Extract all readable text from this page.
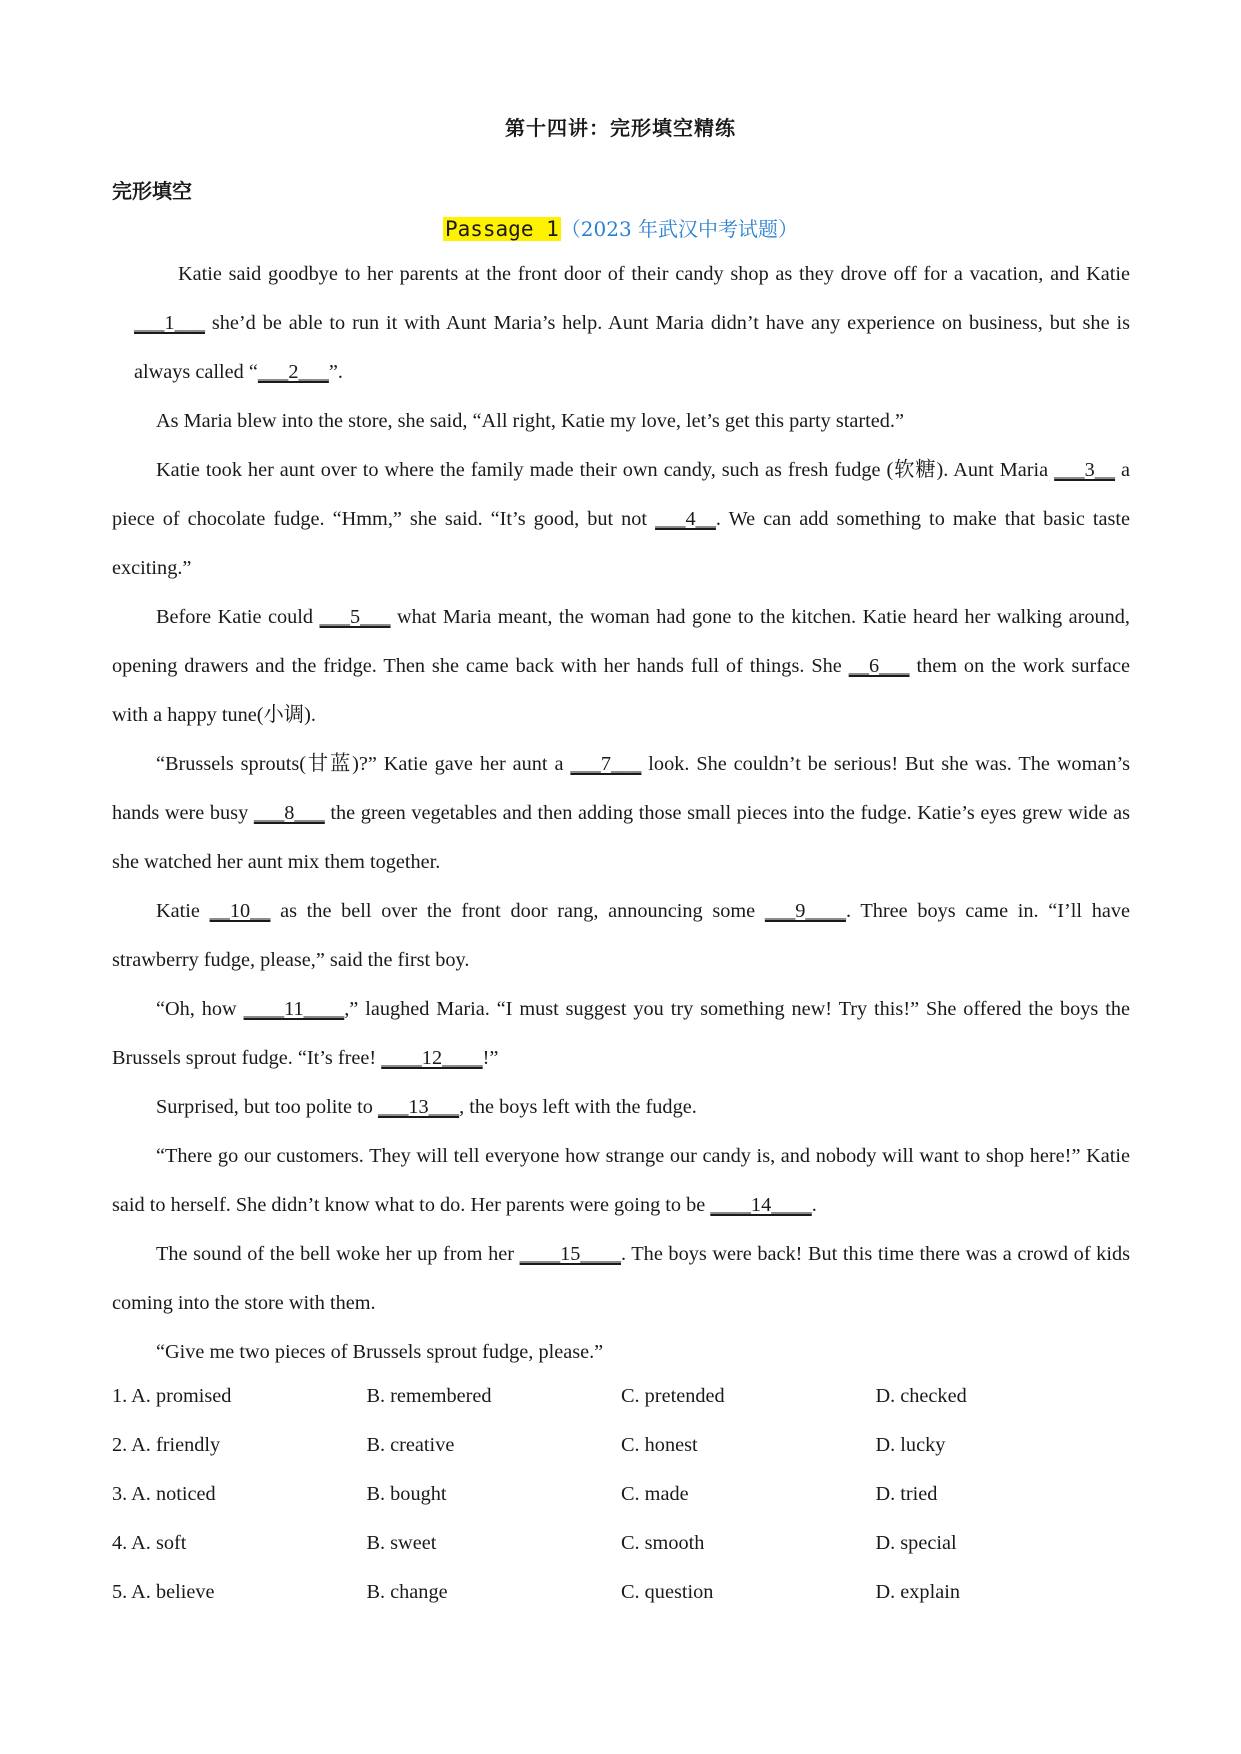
第十四讲：完形填空精练
完形填空
Passage 1 （2023 年武汉中考试题）

Katie said goodbye to her parents at the front door of their candy shop as they drove off for a vacation, and Katie ___1___ she’d be able to run it with Aunt Maria’s help. Aunt Maria didn’t have any experience on business, but she is always called “___2___”.

As Maria blew into the store, she said, “All right, Katie my love, let’s get this party started.”

Katie took her aunt over to where the family made their own candy, such as fresh fudge (软糖). Aunt Maria ___3__ a piece of chocolate fudge. “Hmm,” she said. “It’s good, but not ___4__. We can add something to make that basic taste exciting.”

Before Katie could ___5___ what Maria meant, the woman had gone to the kitchen. Katie heard her walking around, opening drawers and the fridge. Then she came back with her hands full of things. She __6___ them on the work surface with a happy tune(小调).

“Brussels sprouts(甘蓝)?” Katie gave her aunt a ___7___ look. She couldn’t be serious! But she was. The woman’s hands were busy ___8___ the green vegetables and then adding those small pieces into the fudge. Katie’s eyes grew wide as she watched her aunt mix them together.

Katie __10__ as the bell over the front door rang, announcing some ___9____. Three boys came in. “I’ll have strawberry fudge, please,” said the first boy.

“Oh, how ____11____,” laughed Maria. “I must suggest you try something new! Try this!” She offered the boys the Brussels sprout fudge. “It’s free! ____12____!”

Surprised, but too polite to ___13___, the boys left with the fudge.

“There go our customers. They will tell everyone how strange our candy is, and nobody will want to shop here!” Katie said to herself. She didn’t know what to do. Her parents were going to be ____14____.

The sound of the bell woke her up from her ____15____. The boys were back! But this time there was a crowd of kids coming into the store with them.

“Give me two pieces of Brussels sprout fudge, please.”

1. A. promised	B. remembered	C. pretended	D. checked
2. A. friendly	B. creative	C. honest	D. lucky
3. A. noticed	B. bought	C. made	D. tried
4. A. soft	B. sweet	C. smooth	D. special
5. A. believe	B. change	C. question	D. explain
